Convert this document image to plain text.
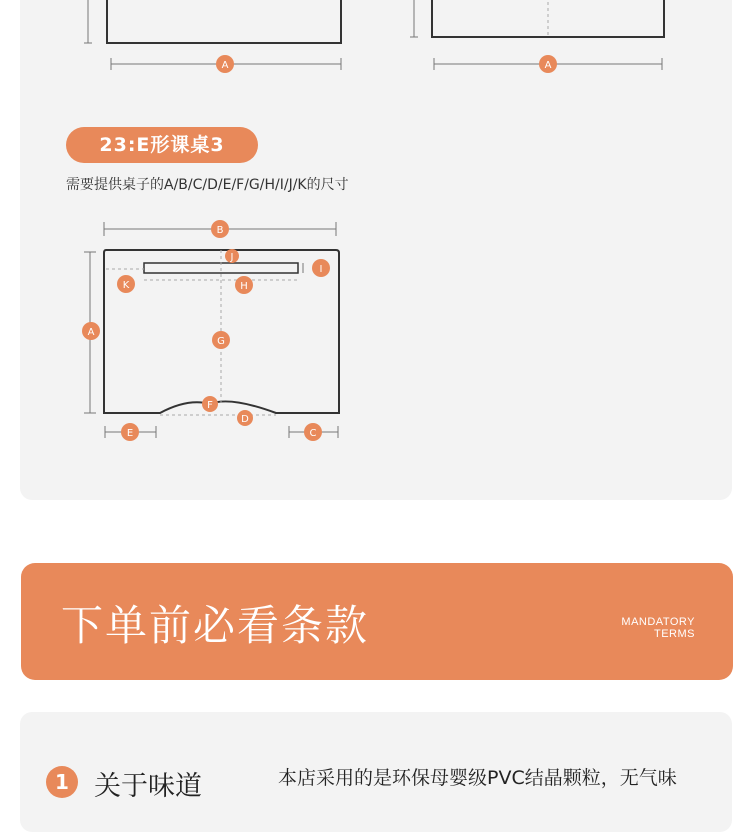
A	A
B
J
I
K	H
A
G
F
D
E	C
23:E形课桌3
需要提供桌子的A/B/C/D/E/F/G/H/I/J/K的尺寸
下单前必看条款	MANDATORY
TERMS
1 关于味道	本店采用的是环保母婴级PVC结晶颗粒，无气味
